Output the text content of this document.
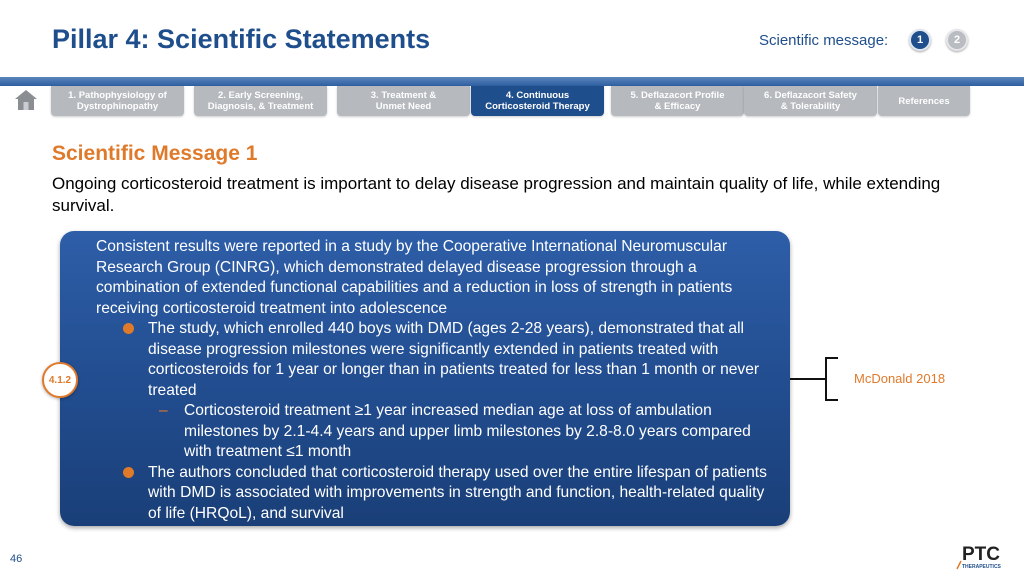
Pillar 4: Scientific Statements	Scientific message:	1	2
1. Pathophysiology of
Dystrophinopathy
2. Early Screening,
Diagnosis, & Treatment
3. Treatment &
Unmet Need
4. Continuous
Corticosteroid Therapy
5. Deflazacort Profile
& Efficacy
6. Deflazacort Safety
& Tolerability	References
Scientific Message 1
Ongoing corticosteroid treatment is important to delay disease progression and maintain quality of life, while extending survival.
Consistent results were reported in a study by the Cooperative International Neuromuscular Research Group (CINRG), which demonstrated delayed disease progression through a combination of extended functional capabilities and a reduction in loss of strength in patients receiving corticosteroid treatment into adolescence
The study, which enrolled 440 boys with DMD (ages 2-28 years), demonstrated that all disease progression milestones were significantly extended in patients treated with corticosteroids for 1 year or longer than in patients treated for less than 1 month or never treated
– Corticosteroid treatment ≥1 year increased median age at loss of ambulation milestones by 2.1-4.4 years and upper limb milestones by 2.8-8.0 years compared with treatment ≤1 month
The authors concluded that corticosteroid therapy used over the entire lifespan of patients with DMD is associated with improvements in strength and function, health-related quality of life (HRQoL), and survival
4.1.2	McDonald 2018
46	PTC
THERAPEUTICS
